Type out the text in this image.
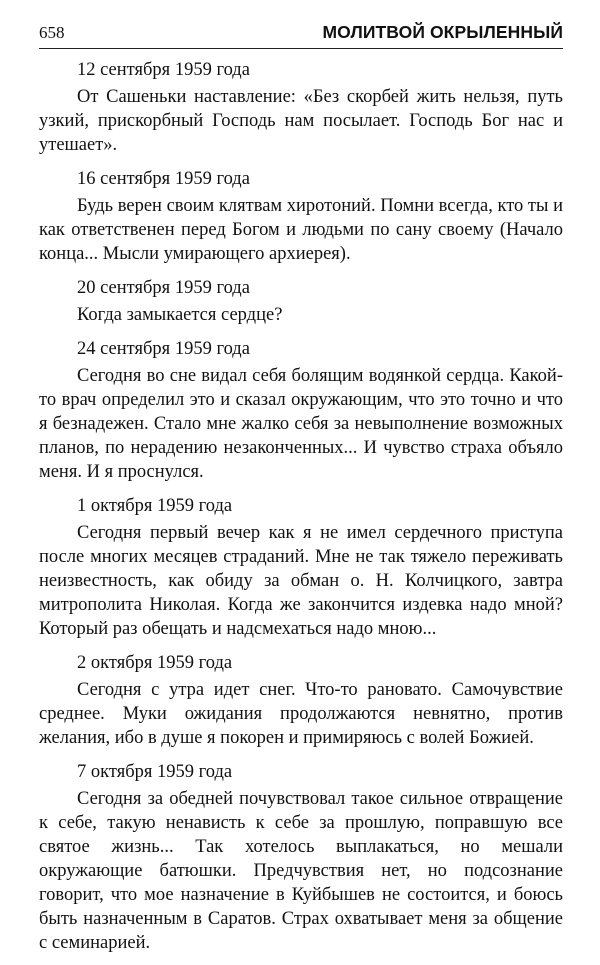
658	МОЛИТВОЙ ОКРЫЛЕННЫЙ
12 сентября 1959 года

От Сашеньки наставление: «Без скорбей жить нельзя, путь узкий, прискорбный Господь нам посылает. Господь Бог нас и утешает».

16 сентября 1959 года

Будь верен своим клятвам хиротоний. Помни всегда, кто ты и как ответственен перед Богом и людьми по сану своему (Начало конца... Мысли умирающего архиерея).

20 сентября 1959 года

Когда замыкается сердце?

24 сентября 1959 года

Сегодня во сне видал себя болящим водянкой сердца. Какой-то врач определил это и сказал окружающим, что это точно и что я безнадежен. Стало мне жалко себя за невыполнение возможных планов, по нерадению незаконченных... И чувство страха объяло меня. И я проснулся.

1 октября 1959 года

Сегодня первый вечер как я не имел сердечного приступа после многих месяцев страданий. Мне не так тяжело переживать неизвестность, как обиду за обман о. Н. Колчицкого, завтра митрополита Николая. Когда же закончится издевка надо мной? Который раз обещать и надсмехаться надо мною...

2 октября 1959 года

Сегодня с утра идет снег. Что-то рановато. Самочувствие среднее. Муки ожидания продолжаются невнятно, против желания, ибо в душе я покорен и примиряюсь с волей Божией.

7 октября 1959 года

Сегодня за обедней почувствовал такое сильное отвращение к себе, такую ненависть к себе за прошлую, поправшую все святое жизнь... Так хотелось выплакаться, но мешали окружающие батюшки. Предчувствия нет, но подсознание говорит, что мое назначение в Куйбышев не состоится, и боюсь быть назначенным в Саратов. Страх охватывает меня за общение с семинарией.
